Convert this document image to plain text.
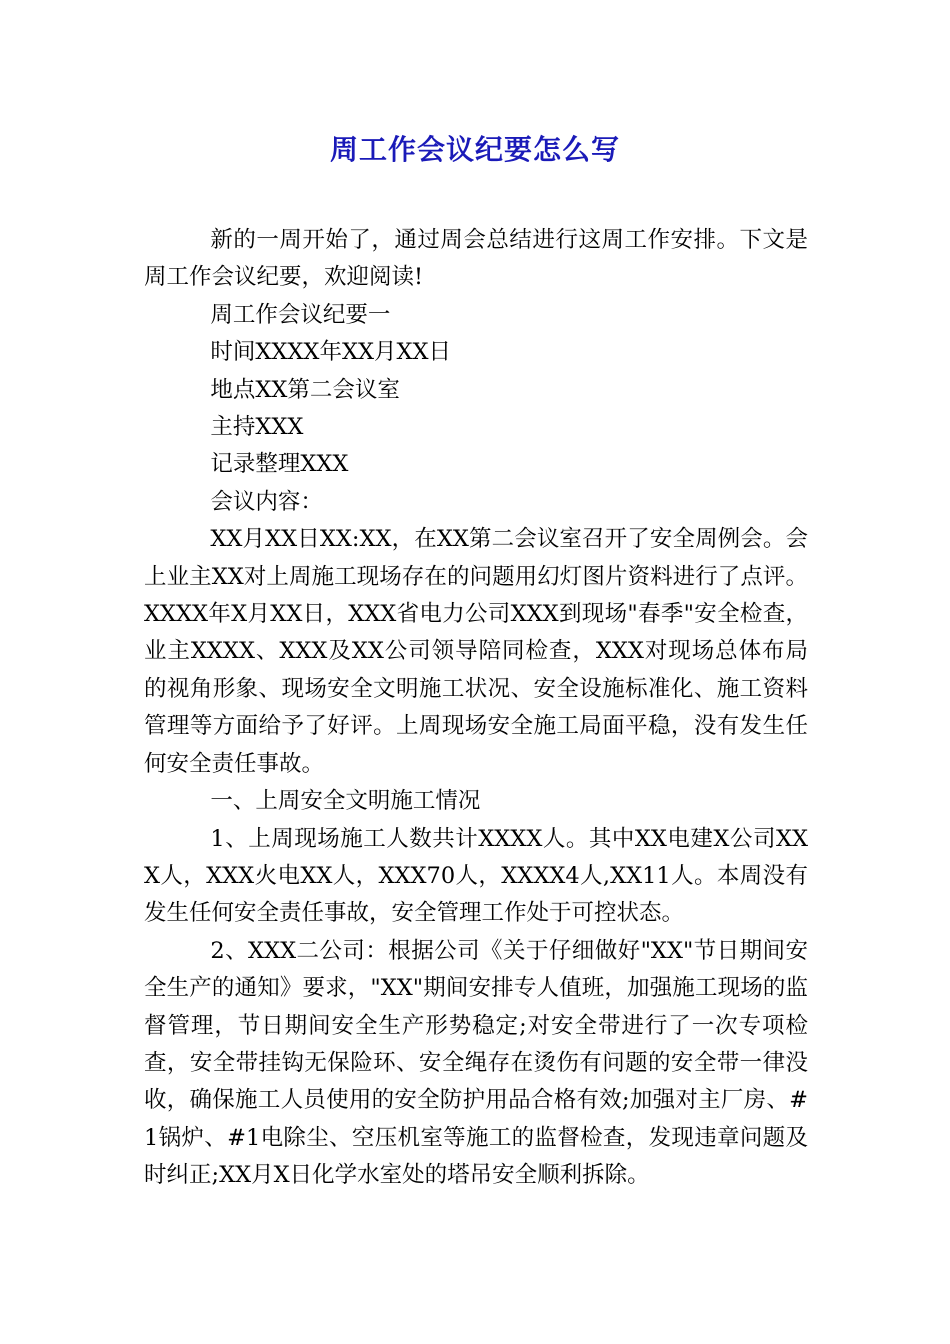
周工作会议纪要怎么写

新的一周开始了，通过周会总结进行这周工作安排。下文是周工作会议纪要，欢迎阅读!

周工作会议纪要一

时间XXXX年XX月XX日

地点XX第二会议室

主持XXX

记录整理XXX

会议内容：

XX月XX日XX:XX，在XX第二会议室召开了安全周例会。会上业主XX对上周施工现场存在的问题用幻灯图片资料进行了点评。XXXX年X月XX日，XXX省电力公司XXX到现场"春季"安全检查，业主XXXX、XXX及XX公司领导陪同检查，XXX对现场总体布局的视角形象、现场安全文明施工状况、安全设施标准化、施工资料管理等方面给予了好评。上周现场安全施工局面平稳，没有发生任何安全责任事故。

一、上周安全文明施工情况

1、上周现场施工人数共计XXXX人。其中XX电建X公司XXX人，XXX火电XX人，XXX70人，XXXX4人,XX11人。本周没有发生任何安全责任事故，安全管理工作处于可控状态。

2、XXX二公司：根据公司《关于仔细做好"XX"节日期间安全生产的通知》要求，"XX"期间安排专人值班，加强施工现场的监督管理，节日期间安全生产形势稳定;对安全带进行了一次专项检查，安全带挂钩无保险环、安全绳存在烫伤有问题的安全带一律没收，确保施工人员使用的安全防护用品合格有效;加强对主厂房、#1锅炉、#1电除尘、空压机室等施工的监督检查，发现违章问题及时纠正;XX月X日化学水室处的塔吊安全顺利拆除。
